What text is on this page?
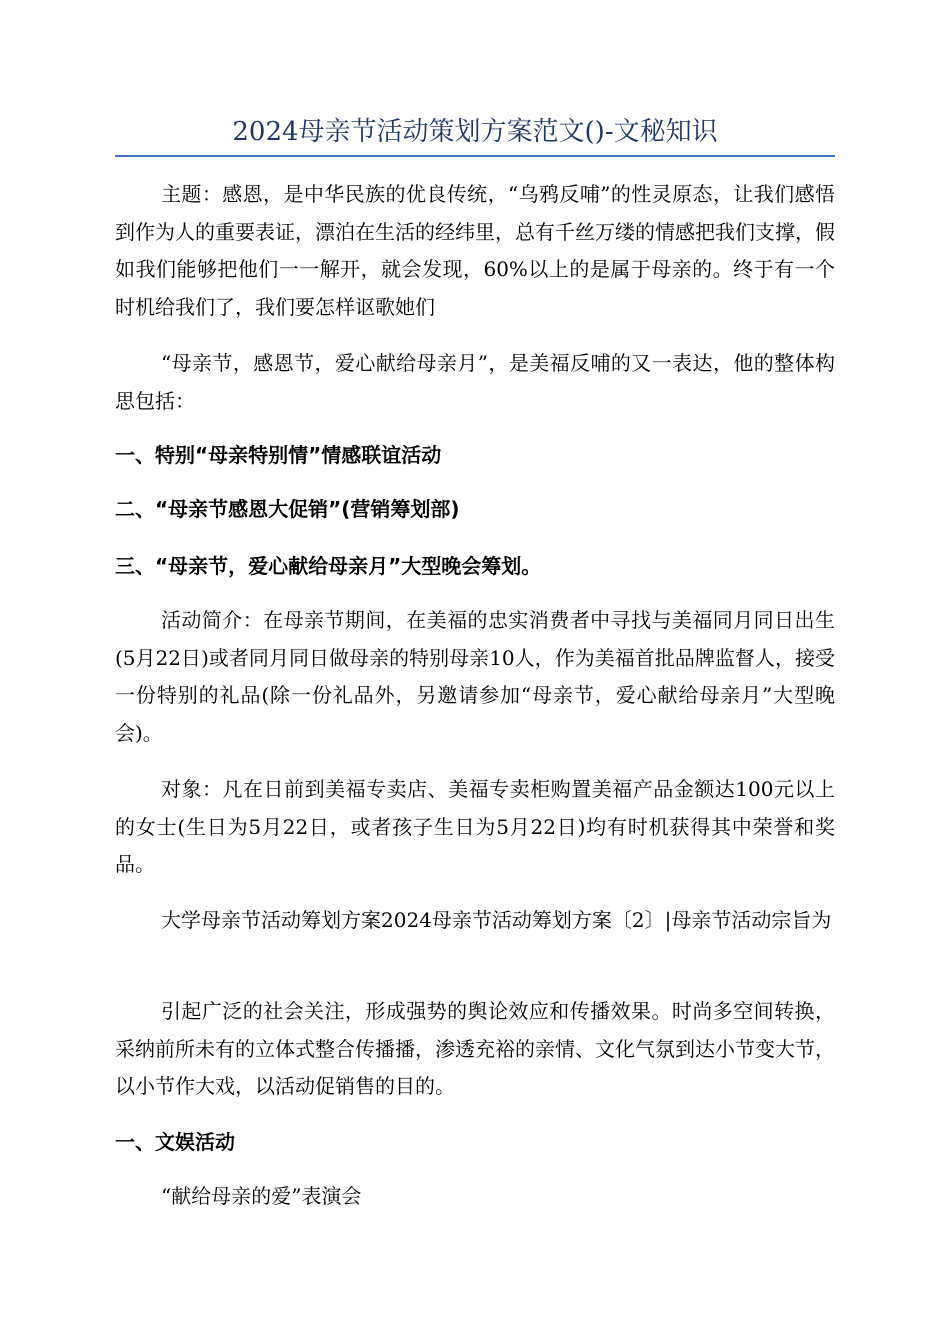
2024母亲节活动策划方案范文()-文秘知识

主题：感恩，是中华民族的优良传统，“乌鸦反哺”的性灵原态，让我们感悟到作为人的重要表证，漂泊在生活的经纬里，总有千丝万缕的情感把我们支撑，假如我们能够把他们一一解开，就会发现，60%以上的是属于母亲的。终于有一个时机给我们了，我们要怎样讴歌她们

“母亲节，感恩节，爱心献给母亲月”，是美福反哺的又一表达，他的整体构思包括：

一、特别“母亲特别情”情感联谊活动

二、“母亲节感恩大促销”(营销筹划部)

三、“母亲节，爱心献给母亲月”大型晚会筹划。

活动简介：在母亲节期间，在美福的忠实消费者中寻找与美福同月同日出生(5月22日)或者同月同日做母亲的特别母亲10人，作为美福首批品牌监督人，接受一份特别的礼品(除一份礼品外，另邀请参加“母亲节，爱心献给母亲月”大型晚会)。

对象：凡在日前到美福专卖店、美福专卖柜购置美福产品金额达100元以上的女士(生日为5月22日，或者孩子生日为5月22日)均有时机获得其中荣誉和奖品。

大学母亲节活动筹划方案2024母亲节活动筹划方案〔2〕|母亲节活动宗旨为

引起广泛的社会关注，形成强势的舆论效应和传播效果。时尚多空间转换，采纳前所未有的立体式整合传播播，渗透充裕的亲情、文化气氛到达小节变大节，以小节作大戏，以活动促销售的目的。

一、文娱活动

“献给母亲的爱”表演会
